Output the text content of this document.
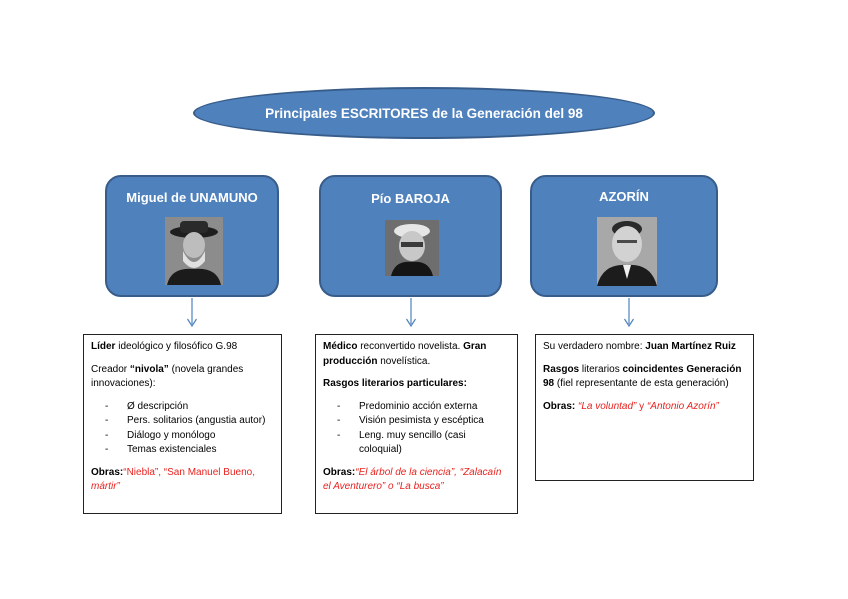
Principales ESCRITORES de la Generación del 98
Miguel de UNAMUNO	Pío BAROJA	AZORÍN

Líder ideológico y filosófico G.98

Creador “nivola” (novela grandes innovaciones):

- Ø descripción
- Pers. solitarios (angustia autor)
- Diálogo y monólogo
- Temas existenciales

Obras:“Niebla”, “San Manuel Bueno,
mártir”

Médico reconvertido novelista. Gran producción novelística.

Rasgos literarios particulares:

- Predominio acción externa
- Visión pesimista y escéptica
- Leng. muy sencillo (casi coloquial)

Obras:“El árbol de la ciencia”, “Zalacaín el Aventurero” o “La busca”

Su verdadero nombre: Juan Martínez Ruiz

Rasgos literarios coincidentes Generación 98 (fiel representante de esta generación)

Obras: “La voluntad” y “Antonio Azorín”
